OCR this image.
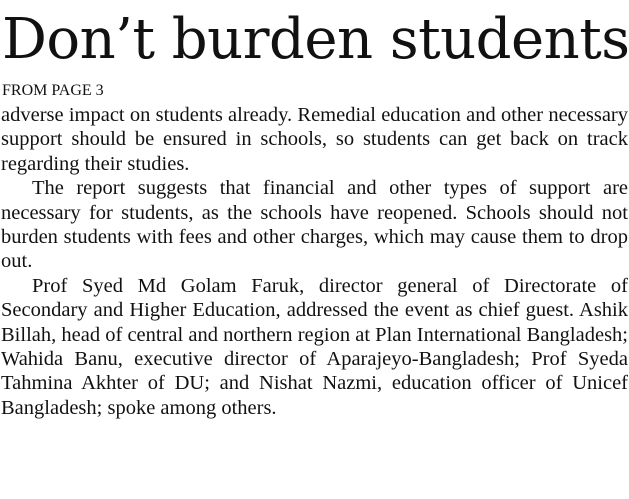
Don’t burden students
FROM PAGE 3

adverse impact on students already. Remedial education and other necessary support should be ensured in schools, so students can get back on track regarding their studies.

The report suggests that financial and other types of support are necessary for students, as the schools have reopened. Schools should not burden students with fees and other charges, which may cause them to drop out.

Prof Syed Md Golam Faruk, director general of Directorate of Secondary and Higher Education, addressed the event as chief guest. Ashik Billah, head of central and northern region at Plan International Bangladesh; Wahida Banu, executive director of Aparajeyo-Bangladesh; Prof Syeda Tahmina Akhter of DU; and Nishat Nazmi, education officer of Unicef Bangladesh; spoke among others.
